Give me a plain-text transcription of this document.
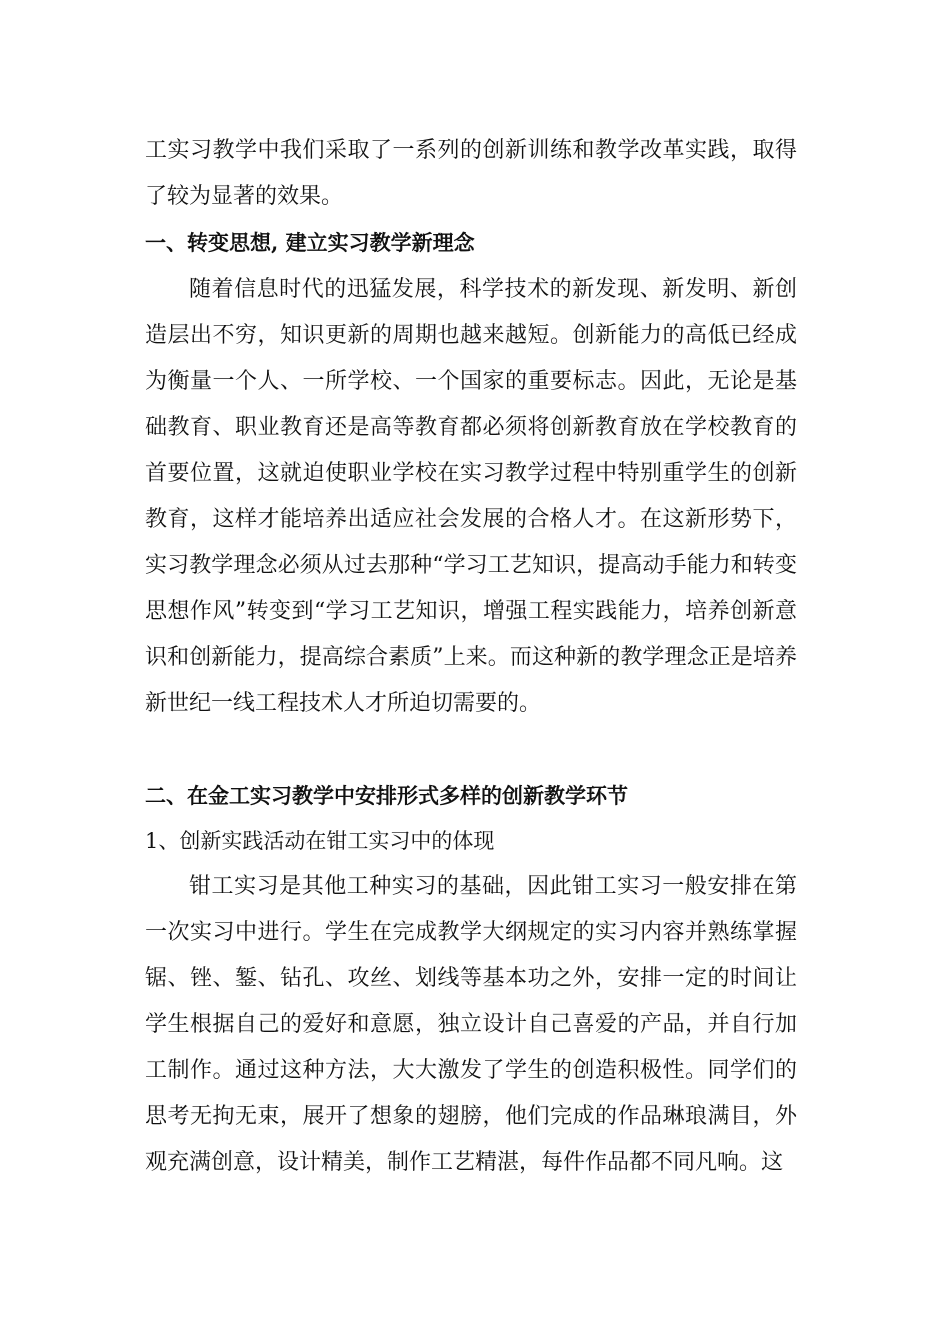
工实习教学中我们采取了一系列的创新训练和教学改革实践，取得了较为显著的效果。

一、转变思想, 建立实习教学新理念

随着信息时代的迅猛发展，科学技术的新发现、新发明、新创造层出不穷，知识更新的周期也越来越短。创新能力的高低已经成为衡量一个人、一所学校、一个国家的重要标志。因此，无论是基础教育、职业教育还是高等教育都必须将创新教育放在学校教育的首要位置，这就迫使职业学校在实习教学过程中特别重学生的创新教育，这样才能培养出适应社会发展的合格人才。在这新形势下，实习教学理念必须从过去那种“学习工艺知识，提高动手能力和转变思想作风”转变到“学习工艺知识，增强工程实践能力，培养创新意识和创新能力，提高综合素质”上来。而这种新的教学理念正是培养新世纪一线工程技术人才所迫切需要的。

二、在金工实习教学中安排形式多样的创新教学环节

1、创新实践活动在钳工实习中的体现

钳工实习是其他工种实习的基础，因此钳工实习一般安排在第一次实习中进行。学生在完成教学大纲规定的实习内容并熟练掌握锯、锉、錾、钻孔、攻丝、划线等基本功之外，安排一定的时间让学生根据自己的爱好和意愿，独立设计自己喜爱的产品，并自行加工制作。通过这种方法，大大激发了学生的创造积极性。同学们的思考无拘无束，展开了想象的翅膀，他们完成的作品琳琅满目，外观充满创意，设计精美，制作工艺精湛，每件作品都不同凡响。这
